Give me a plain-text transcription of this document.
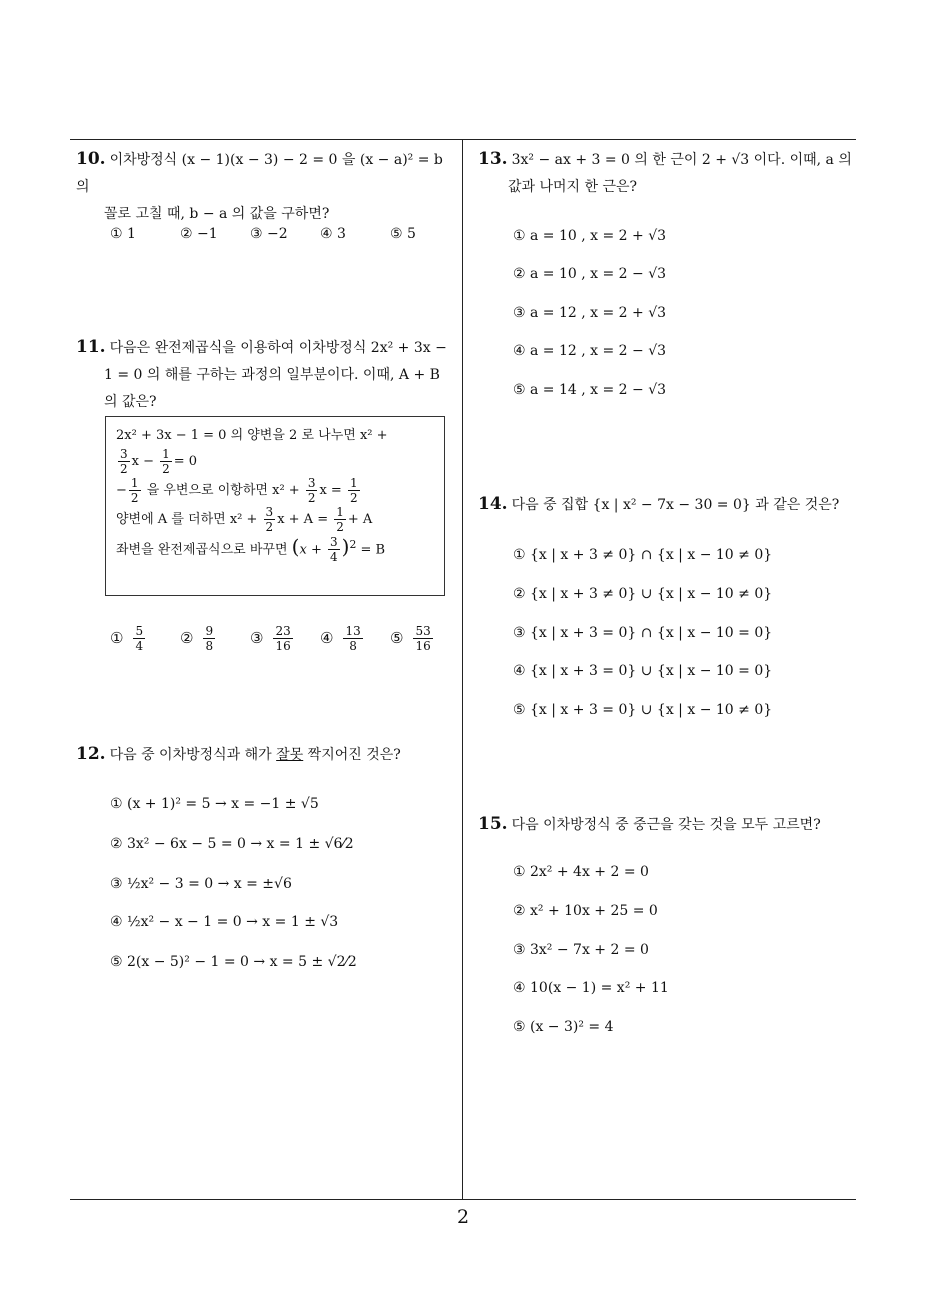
10. 이차방정식 (x − 1)(x − 3) − 2 = 0 을 (x − a)² = b 의
꼴로 고칠 때, b − a 의 값을 구하면?
① 1	② −1 ③ −2 ④ 3	⑤ 5
11. 다음은 완전제곱식을 이용하여 이차방정식 2x² + 3x −
1 = 0 의 해를 구하는 과정의 일부분이다. 이때, A + B
의 값은?
2x² + 3x − 1 = 0 의 양변을 2 로 나누면 x² +
$\frac{3}{2}$ $x - \frac{1}{2} = 0$
− $\frac{1}{2}$ 을 우변으로 이항하면 $x^2 + \frac{3}{2}$ $x = \frac{1}{2}$
양변에 A 를 더하면 $x^2 + \frac{3}{2}$ $x + A = \frac{1}{2} + A$
좌변을 완전제곱식으로 바꾸면 $(x + \frac{3}{4} )^2 = B$
① $\frac{5}{4}$ ② $\frac{9}{8}$ ③ $\frac{23}{16}$ ④ $\frac{13}{8}$ ⑤ $\frac{53}{16}$
12. 다음 중 이차방정식과 해가 잘못 짝지어진 것은?
① (x + 1)² = 5 → x = −1 ± √5
② 3x² − 6x − 5 = 0 → x = 1 ± √6⁄2
③ ½x² − 3 = 0 → x = ±√6
④ ½x² − x − 1 = 0 → x = 1 ± √3
⑤ 2(x − 5)² − 1 = 0 → x = 5 ± √2⁄2
13. 3x² − ax + 3 = 0 의 한 근이 2 + √3 이다. 이때, a 의
값과 나머지 한 근은?
① a = 10 , x = 2 + √3
② a = 10 , x = 2 − √3
③ a = 12 , x = 2 + √3
④ a = 12 , x = 2 − √3
⑤ a = 14 , x = 2 − √3
14. 다음 중 집합 {x | x² − 7x − 30 = 0} 과 같은 것은?
① {x | x + 3 ≠ 0} ∩ {x | x − 10 ≠ 0}
② {x | x + 3 ≠ 0} ∪ {x | x − 10 ≠ 0}
③ {x | x + 3 = 0} ∩ {x | x − 10 = 0}
④ {x | x + 3 = 0} ∪ {x | x − 10 = 0}
⑤ {x | x + 3 = 0} ∪ {x | x − 10 ≠ 0}
15. 다음 이차방정식 중 중근을 갖는 것을 모두 고르면?
① 2x² + 4x + 2 = 0
② x² + 10x + 25 = 0
③ 3x² − 7x + 2 = 0
④ 10(x − 1) = x² + 11
⑤ (x − 3)² = 4
2
